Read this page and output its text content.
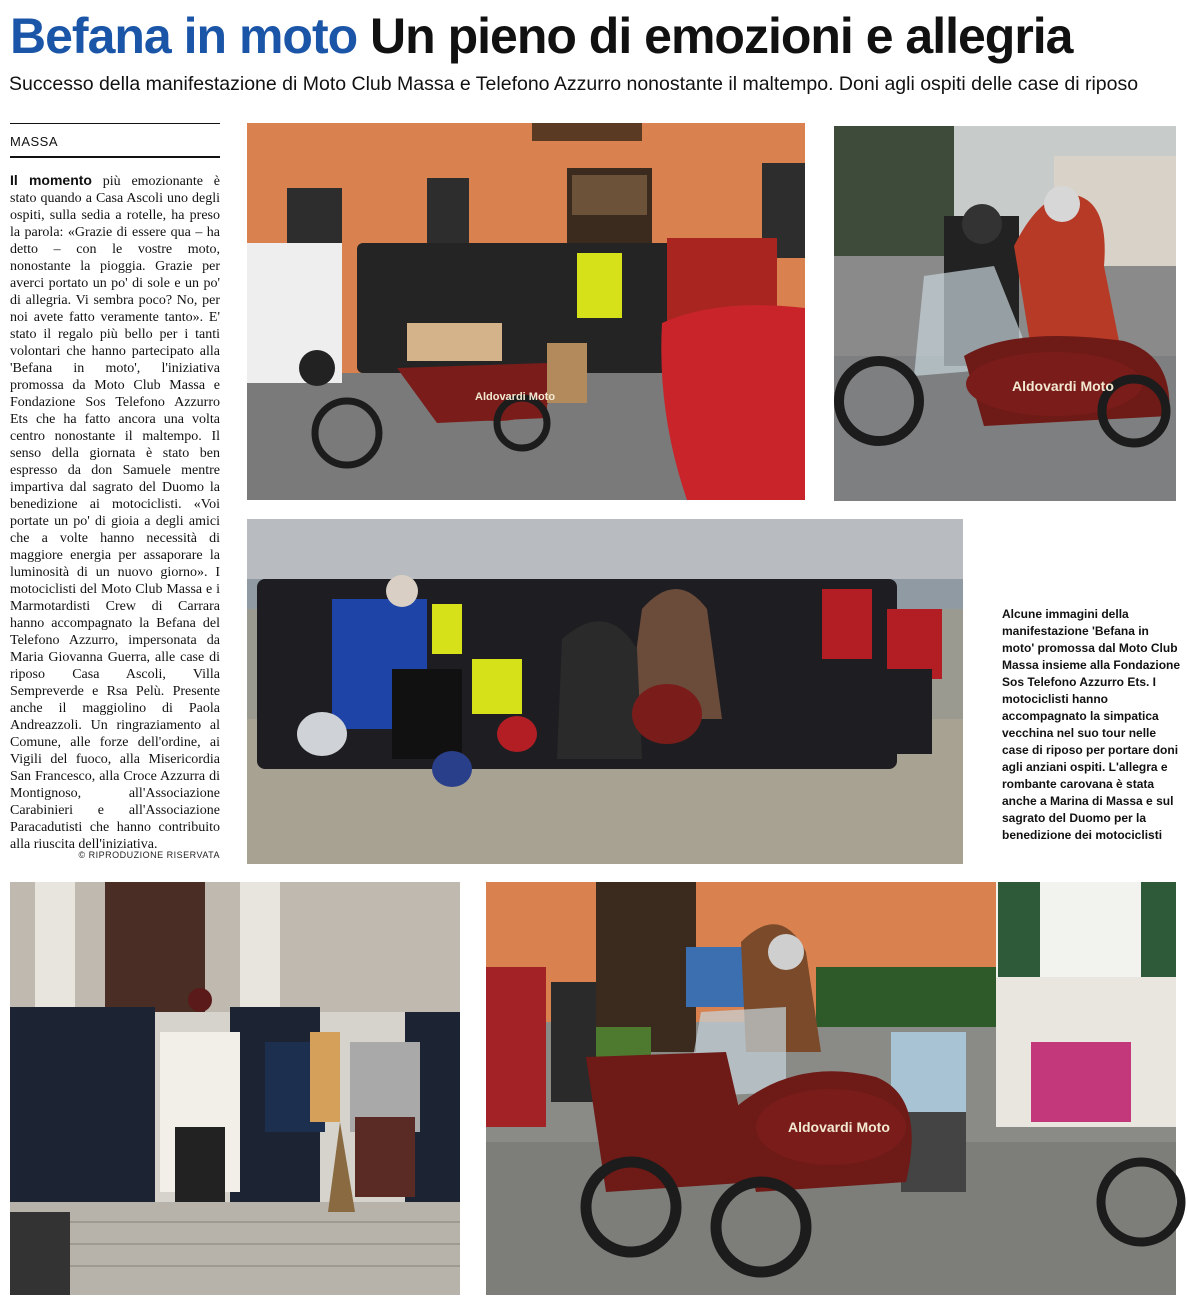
Befana in moto Un pieno di emozioni e allegria
Successo della manifestazione di Moto Club Massa e Telefono Azzurro nonostante il maltempo. Doni agli ospiti delle case di riposo
MASSA
Il momento più emozionante è stato quando a Casa Ascoli uno degli ospiti, sulla sedia a rotelle, ha preso la parola: «Grazie di essere qua – ha detto – con le vostre moto, nonostante la pioggia. Grazie per averci portato un po' di sole e un po' di allegria. Vi sembra poco? No, per noi avete fatto veramente tanto». E' stato il regalo più bello per i tanti volontari che hanno partecipato alla 'Befana in moto', l'iniziativa promossa da Moto Club Massa e Fondazione Sos Telefono Azzurro Ets che ha fatto ancora una volta centro nonostante il maltempo. Il senso della giornata è stato ben espresso da don Samuele mentre impartiva dal sagrato del Duomo la benedizione ai motociclisti. «Voi portate un po' di gioia a degli amici che a volte hanno necessità di maggiore energia per assaporare la luminosità di un nuovo giorno». I motociclisti del Moto Club Massa e i Marmotardisti Crew di Carrara hanno accompagnato la Befana del Telefono Azzurro, impersonata da Maria Giovanna Guerra, alle case di riposo Casa Ascoli, Villa Sempreverde e Rsa Pelù. Presente anche il maggiolino di Paola Andreazzoli. Un ringraziamento al Comune, alle forze dell'ordine, ai Vigili del fuoco, alla Misericordia San Francesco, alla Croce Azzurra di Montignoso, all'Associazione Carabinieri e all'Associazione Paracadutisti che hanno contribuito alla riuscita dell'iniziativa.
© RIPRODUZIONE RISERVATA
Aldovardi Moto
Aldovardi Moto
Alcune immagini della manifestazione 'Befana in moto' promossa dal Moto Club Massa insieme alla Fondazione Sos Telefono Azzurro Ets. I motociclisti hanno accompagnato la simpatica vecchina nel suo tour nelle case di riposo per portare doni agli anziani ospiti. L'allegra e rombante carovana è stata anche a Marina di Massa e sul sagrato del Duomo per la benedizione dei motociclisti
Aldovardi Moto
